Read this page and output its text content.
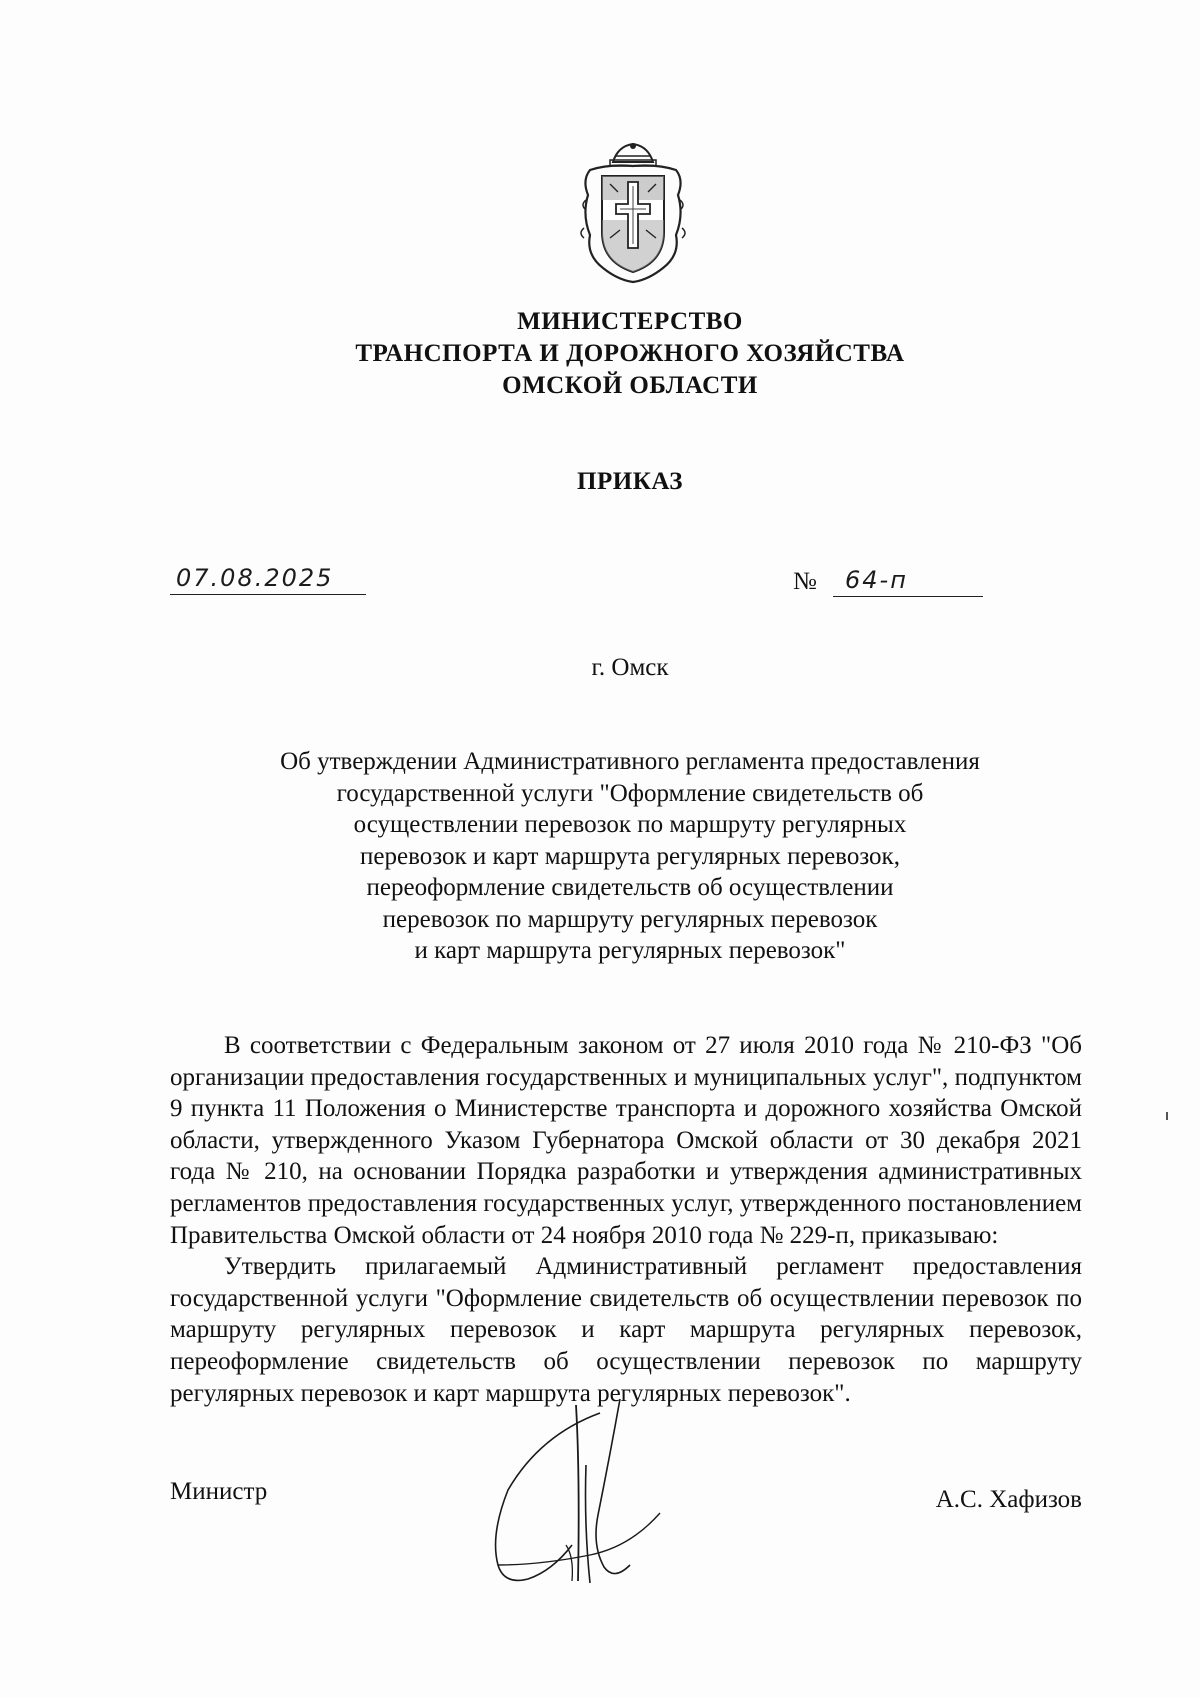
МИНИСТЕРСТВО
ТРАНСПОРТА И ДОРОЖНОГО ХОЗЯЙСТВА
ОМСКОЙ ОБЛАСТИ
ПРИКАЗ
07.08.2025	№ 64-п
г. Омск
Об утверждении Административного регламента предоставления
государственной услуги "Оформление свидетельств об
осуществлении перевозок по маршруту регулярных
перевозок и карт маршрута регулярных перевозок,
переоформление свидетельств об осуществлении
перевозок по маршруту регулярных перевозок
и карт маршрута регулярных перевозок"

В соответствии с Федеральным законом от 27 июля 2010 года № 210-ФЗ "Об организации предоставления государственных и муниципальных услуг", подпунктом 9 пункта 11 Положения о Министерстве транспорта и дорожного хозяйства Омской области, утвержденного Указом Губернатора Омской области от 30 декабря 2021 года № 210, на основании Порядка разработки и утверждения административных регламентов предоставления государственных услуг, утвержденного постановлением Правительства Омской области от 24 ноября 2010 года № 229-п, приказываю:

Утвердить прилагаемый Административный регламент предоставления государственной услуги "Оформление свидетельств об осуществлении перевозок по маршруту регулярных перевозок и карт маршрута регулярных перевозок, переоформление свидетельств об осуществлении перевозок по маршруту регулярных перевозок и карт маршрута регулярных перевозок".

Министр	А.С. Хафизов
